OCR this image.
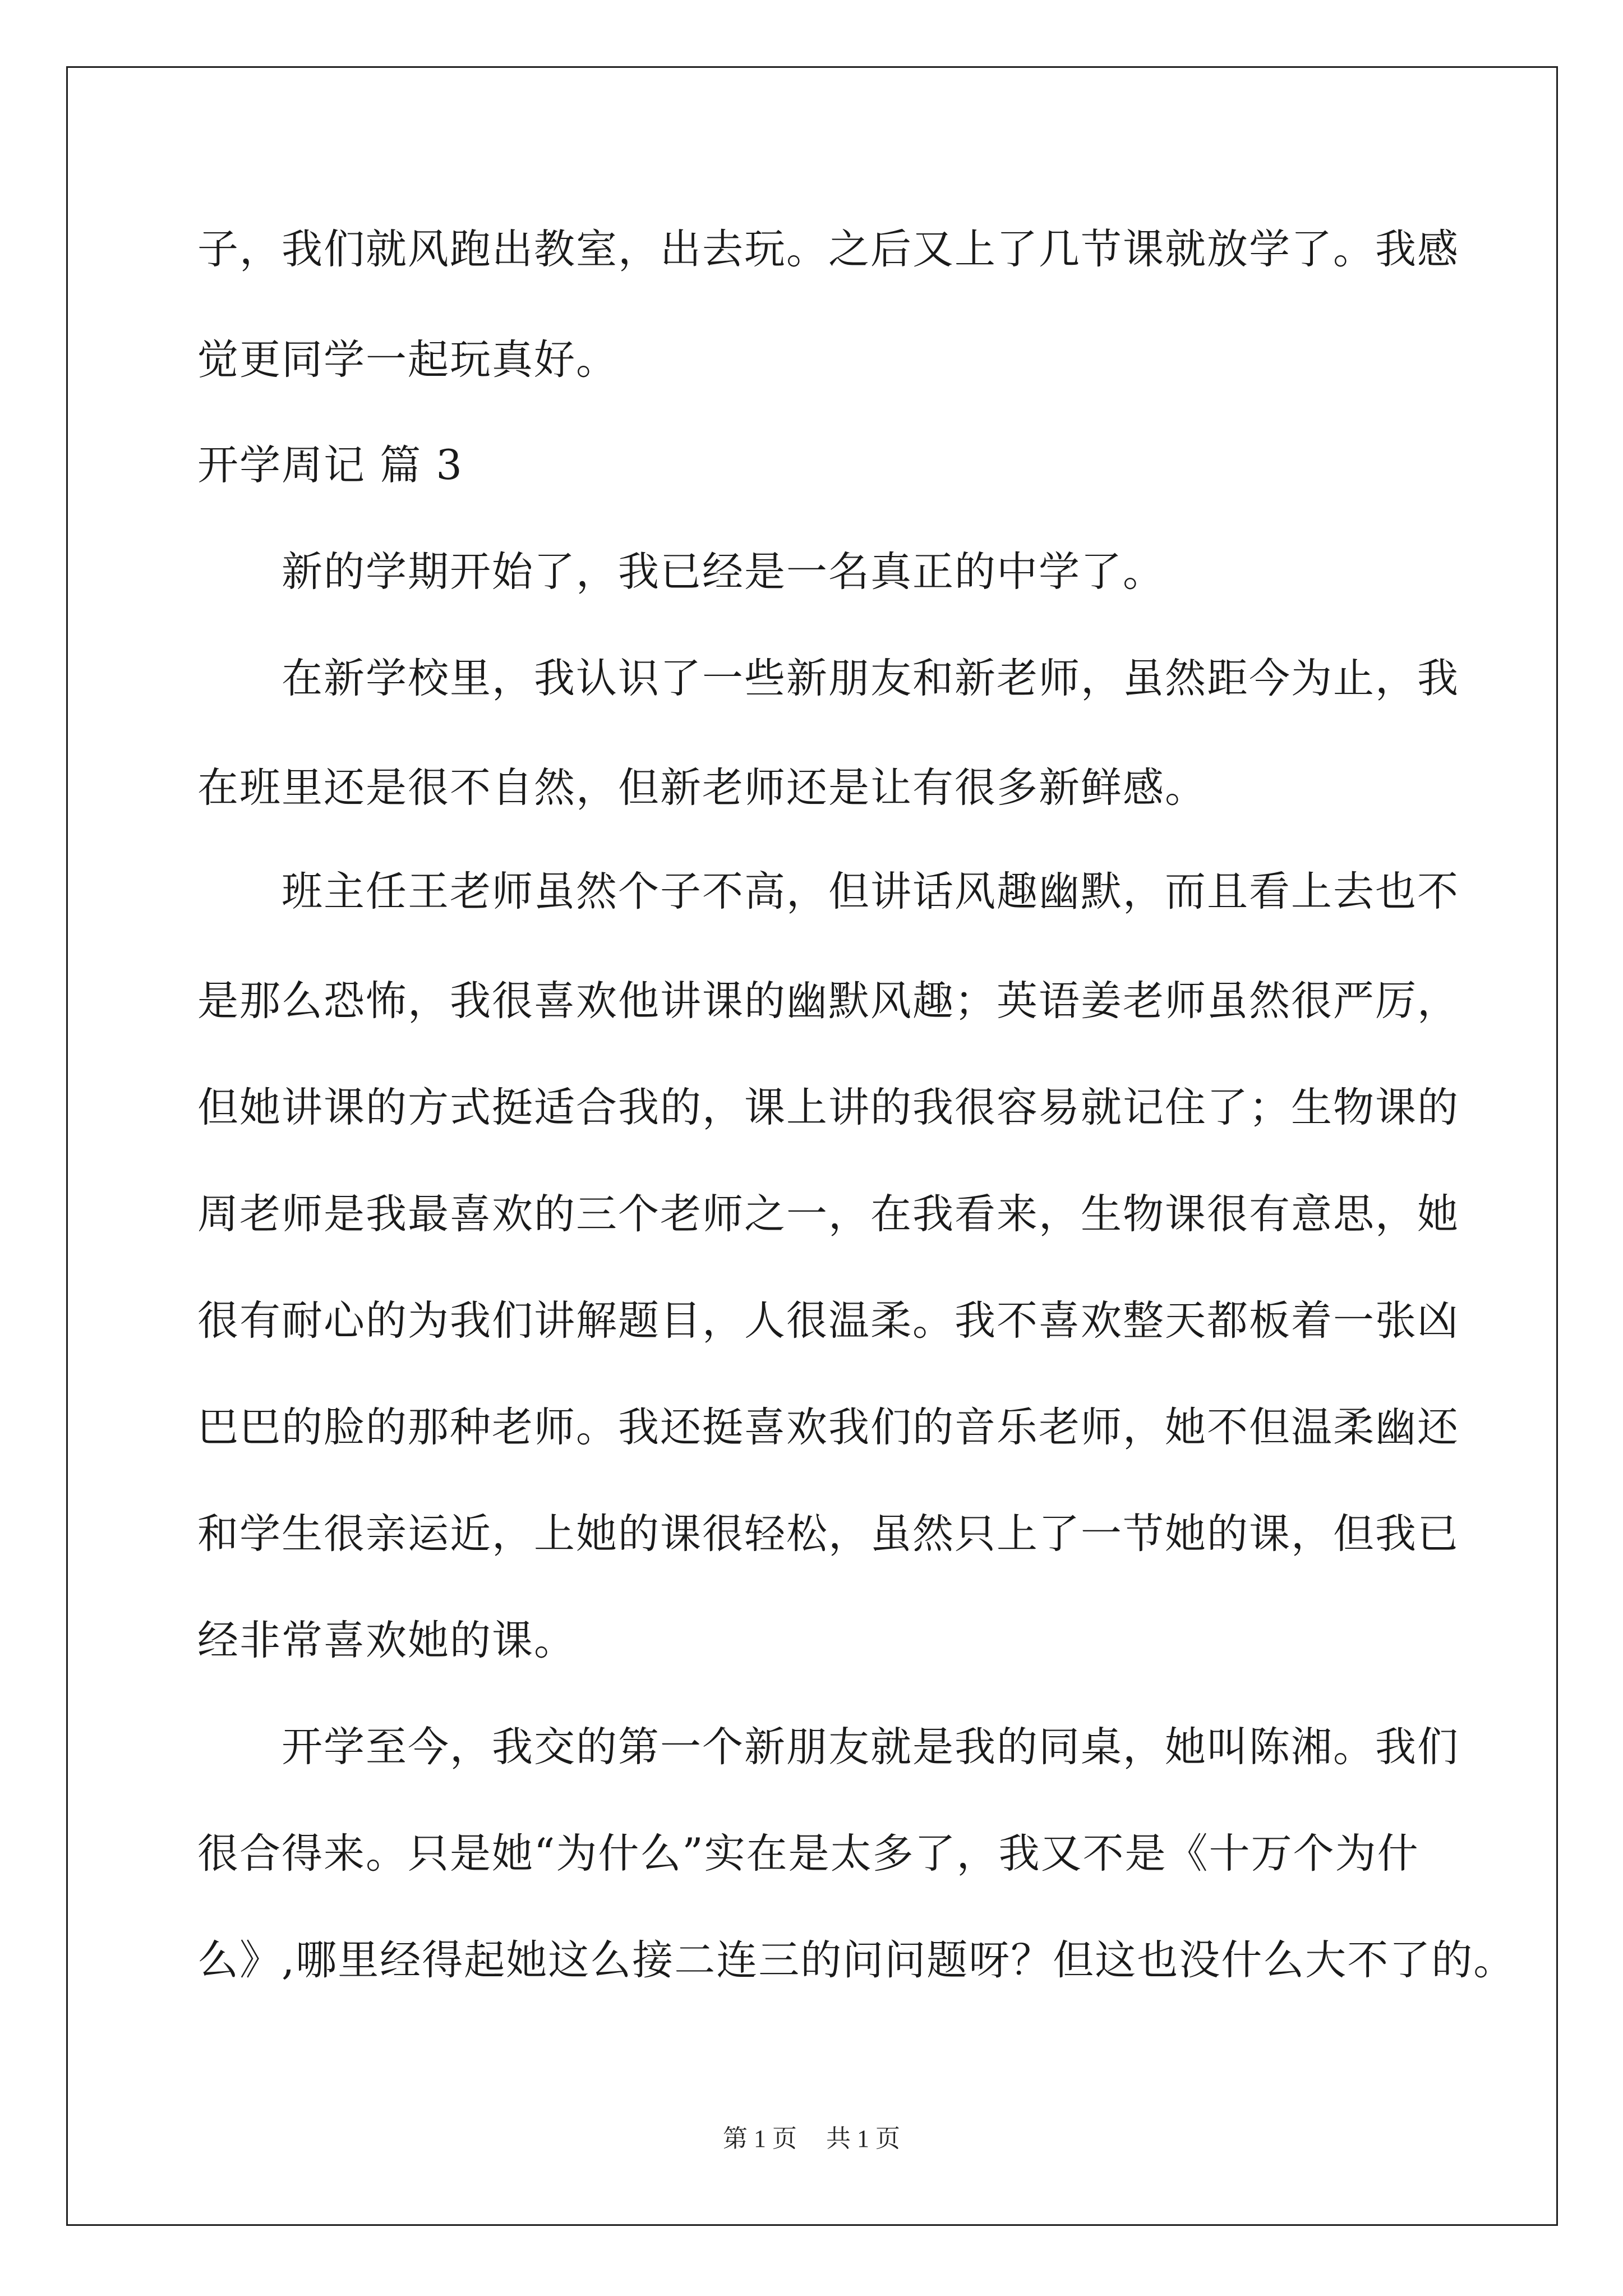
子，我们就风跑出教室，出去玩。之后又上了几节课就放学了。我感
觉更同学一起玩真好。
开学周记 篇 3
新的学期开始了，我已经是一名真正的中学了。
在新学校里，我认识了一些新朋友和新老师，虽然距今为止，我
在班里还是很不自然，但新老师还是让有很多新鲜感。
班主任王老师虽然个子不高，但讲话风趣幽默，而且看上去也不
是那么恐怖，我很喜欢他讲课的幽默风趣；英语姜老师虽然很严厉，
但她讲课的方式挺适合我的，课上讲的我很容易就记住了；生物课的
周老师是我最喜欢的三个老师之一，在我看来，生物课很有意思，她
很有耐心的为我们讲解题目，人很温柔。我不喜欢整天都板着一张凶
巴巴的脸的那种老师。我还挺喜欢我们的音乐老师，她不但温柔幽还
和学生很亲运近，上她的课很轻松，虽然只上了一节她的课，但我已
经非常喜欢她的课。
开学至今，我交的第一个新朋友就是我的同桌，她叫陈湘。我们
很合得来。只是她“为什么”实在是太多了，我又不是《十万个为什
么》,哪里经得起她这么接二连三的问问题呀？但这也没什么大不了的。
第 1 页 共 1 页
